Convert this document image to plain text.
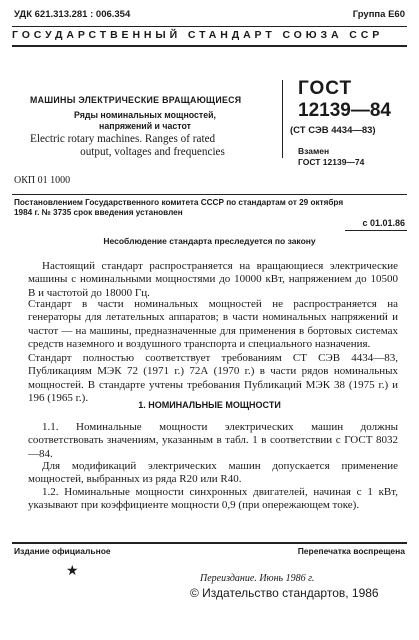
УДК 621.313.281 : 006.354	Группа Е60
ГОСУДАРСТВЕННЫЙ СТАНДАРТ СОЮЗА ССР
МАШИНЫ ЭЛЕКТРИЧЕСКИЕ ВРАЩАЮЩИЕСЯ
Ряды номинальных мощностей,
напряжений и частот
Electric rotary machines. Ranges of rated
output, voltages and frequencies
ОКП 01 1000
ГОСТ
12139—84
(СТ СЭВ 4434—83)
Взамен
ГОСТ 12139—74
Постановлением Государственного комитета СССР по стандартам от 29 октября
1984 г. № 3735 срок введения установлен
с 01.01.86
Несоблюдение стандарта преследуется по закону
Настоящий стандарт распространяется на вращающиеся электрические машины с номинальными мощностями до 10000 кВт, напряжением до 10500 В и частотой до 18000 Гц.
Стандарт в части номинальных мощностей не распространяется на генераторы для летательных аппаратов; в части номинальных напряжений и частот — на машины, предназначенные для применения в бортовых системах средств наземного и воздушного транспорта и специального назначения.
Стандарт полностью соответствует требованиям СТ СЭВ 4434—83, Публикациям МЭК 72 (1971 г.) 72А (1970 г.) в части рядов номинальных мощностей. В стандарте учтены требования Публикаций МЭК 38 (1975 г.) и 196 (1965 г.).
1. НОМИНАЛЬНЫЕ МОЩНОСТИ
1.1. Номинальные мощности электрических машин должны соответствовать значениям, указанным в табл. 1 в соответствии с ГОСТ 8032—84.
Для модификаций электрических машин допускается применение мощностей, выбранных из ряда R20 или R40.
1.2. Номинальные мощности синхронных двигателей, начиная с 1 кВт, указывают при коэффициенте мощности 0,9 (при опережающем токе).
Издание официальное	Перепечатка воспрещена
★	Переиздание. Июнь 1986 г.
© Издательство стандартов, 1986
